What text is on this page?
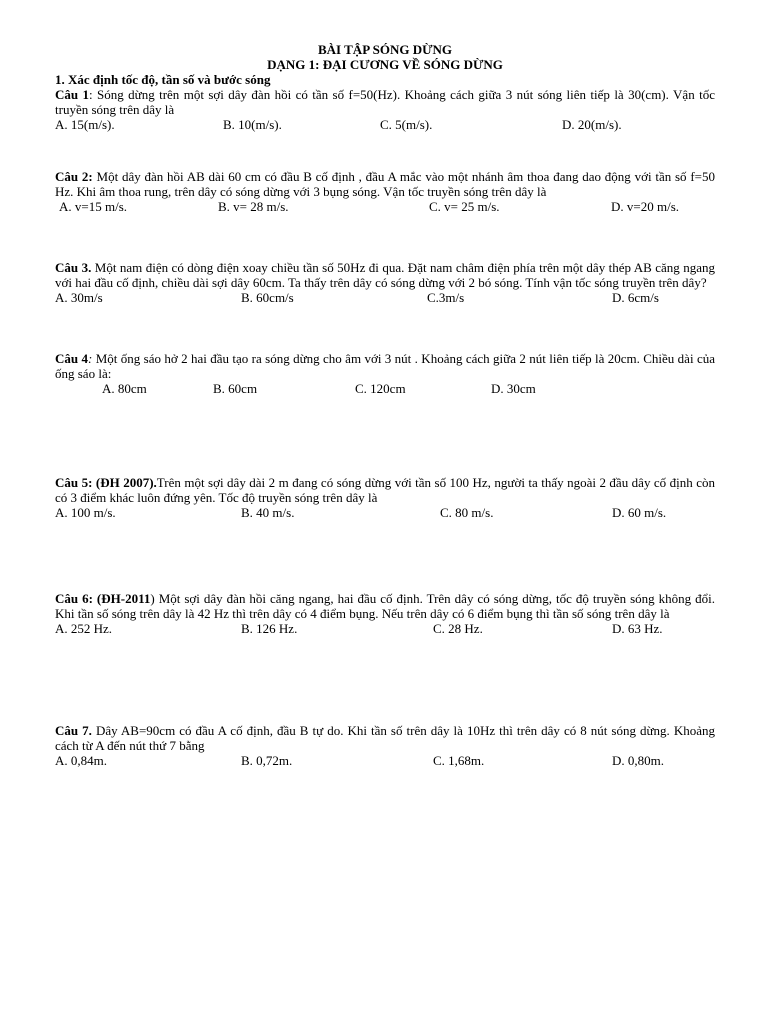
BÀI TẬP SÓNG DỪNG
DẠNG 1: ĐẠI CƯƠNG VỀ SÓNG DỪNG
1. Xác định tốc độ, tần số và bước sóng
Câu 1: Sóng dừng trên một sợi dây đàn hồi có tần số f=50(Hz). Khoảng cách giữa 3 nút sóng liên tiếp là 30(cm). Vận tốc truyền sóng trên dây là
A. 15(m/s).	B. 10(m/s).	C. 5(m/s).	D. 20(m/s).
Câu 2: Một dây đàn hồi AB dài 60 cm có đầu B cố định , đầu A mắc vào một nhánh âm thoa đang dao động với tần số f=50 Hz. Khi âm thoa rung, trên dây có sóng dừng với 3 bụng sóng. Vận tốc truyền sóng trên dây là
A. v=15 m/s.	B. v= 28 m/s.	C. v= 25 m/s.	D. v=20 m/s.
Câu 3. Một nam điện có dòng điện xoay chiều tần số 50Hz đi qua. Đặt nam châm điện phía trên một dây thép AB căng ngang với hai đầu cố định, chiều dài sợi dây 60cm. Ta thấy trên dây có sóng dừng với 2 bó sóng. Tính vận tốc sóng truyền trên dây?
A. 30m/s	B. 60cm/s	C.3m/s	D. 6cm/s
Câu 4: Một ống sáo hở 2 hai đầu tạo ra sóng dừng cho âm với 3 nút . Khoảng cách giữa 2 nút liên tiếp là 20cm. Chiều dài của ống sáo là:
A. 80cm	B. 60cm	C. 120cm	D. 30cm
Câu 5: (ĐH 2007).Trên một sợi dây dài 2 m đang có sóng dừng với tần số 100 Hz, người ta thấy ngoài 2 đầu dây cố định còn có 3 điểm khác luôn đứng yên. Tốc độ truyền sóng trên dây là
A. 100 m/s.	B. 40 m/s.	C. 80 m/s.	D. 60 m/s.
Câu 6: (ĐH-2011) Một sợi dây đàn hồi căng ngang, hai đầu cố định. Trên dây có sóng dừng, tốc độ truyền sóng không đổi. Khi tần số sóng trên dây là 42 Hz thì trên dây có 4 điểm bụng. Nếu trên dây có 6 điểm bụng thì tần số sóng trên dây là
A. 252 Hz.	B. 126 Hz.	C. 28 Hz.	D. 63 Hz.
Câu 7. Dây AB=90cm có đầu A cố định, đầu B tự do. Khi tần số trên dây là 10Hz thì trên dây có 8 nút sóng dừng. Khoảng cách từ A đến nút thứ 7 bằng
A. 0,84m.	B. 0,72m.	C. 1,68m.	D. 0,80m.
